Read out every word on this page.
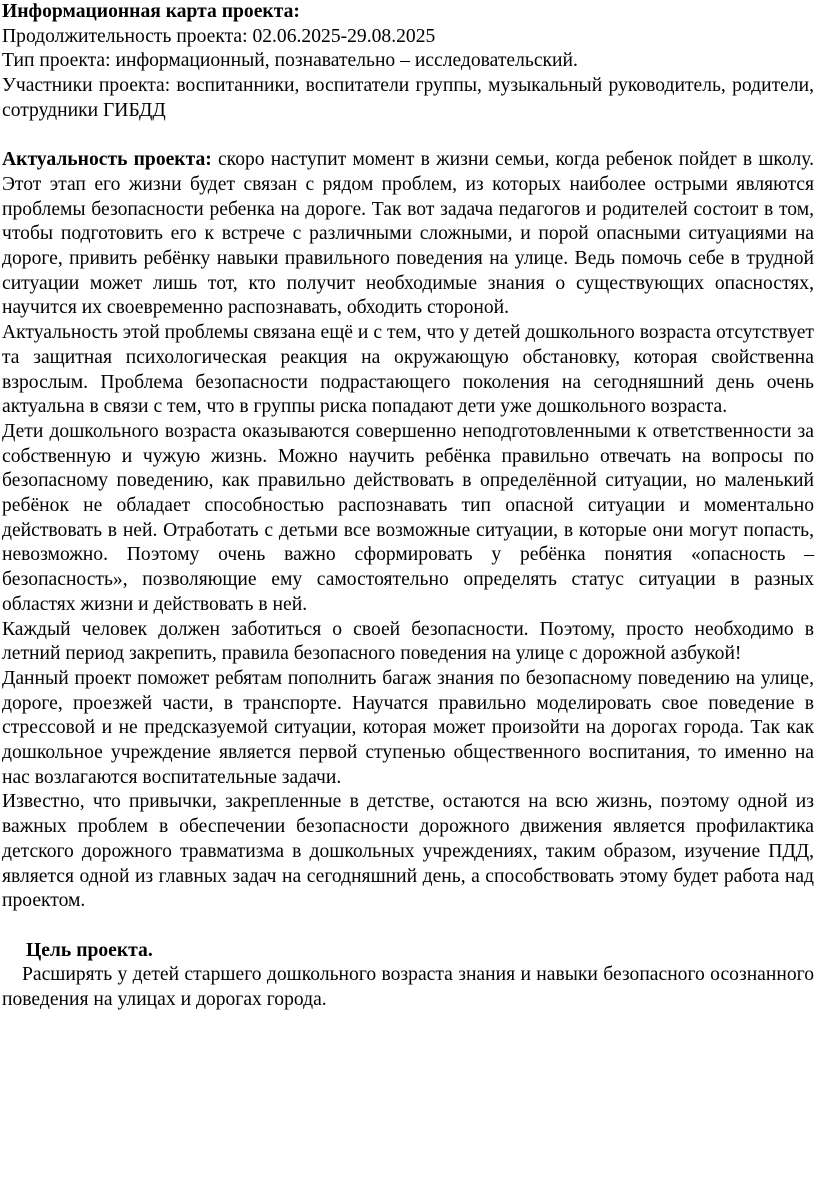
Информационная карта проекта:

Продолжительность проекта: 02.06.2025-29.08.2025

Тип проекта: информационный, познавательно – исследовательский.

Участники проекта: воспитанники, воспитатели группы, музыкальный руководитель, родители, сотрудники ГИБДД

Актуальность проекта: скоро наступит момент в жизни семьи, когда ребенок пойдет в школу. Этот этап его жизни будет связан с рядом проблем, из которых наиболее острыми являются проблемы безопасности ребенка на дороге. Так вот задача педагогов и родителей состоит в том, чтобы подготовить его к встрече с различными сложными, и порой опасными ситуациями на дороге, привить ребёнку навыки правильного поведения на улице. Ведь помочь себе в трудной ситуации может лишь тот, кто получит необходимые знания о существующих опасностях, научится их своевременно распознавать, обходить стороной.

Актуальность этой проблемы связана ещё и с тем, что у детей дошкольного возраста отсутствует та защитная психологическая реакция на окружающую обстановку, которая свойственна взрослым. Проблема безопасности подрастающего поколения на сегодняшний день очень актуальна в связи с тем, что в группы риска попадают дети уже дошкольного возраста.

Дети дошкольного возраста оказываются совершенно неподготовленными к ответственности за собственную и чужую жизнь. Можно научить ребёнка правильно отвечать на вопросы по безопасному поведению, как правильно действовать в определённой ситуации, но маленький ребёнок не обладает способностью распознавать тип опасной ситуации и моментально действовать в ней. Отработать с детьми все возможные ситуации, в которые они могут попасть, невозможно. Поэтому очень важно сформировать у ребёнка понятия «опасность – безопасность», позволяющие ему самостоятельно определять статус ситуации в разных областях жизни и действовать в ней.

Каждый человек должен заботиться о своей безопасности. Поэтому, просто необходимо в летний период закрепить, правила безопасного поведения на улице с дорожной азбукой!

Данный проект поможет ребятам пополнить багаж знания по безопасному поведению на улице, дороге, проезжей части, в транспорте. Научатся правильно моделировать свое поведение в стрессовой и не предсказуемой ситуации, которая может произойти на дорогах города. Так как дошкольное учреждение является первой ступенью общественного воспитания, то именно на нас возлагаются воспитательные задачи.

Известно, что привычки, закрепленные в детстве, остаются на всю жизнь, поэтому одной из важных проблем в обеспечении безопасности дорожного движения является профилактика детского дорожного травматизма в дошкольных учреждениях, таким образом, изучение ПДД, является одной из главных задач на сегодняшний день, а способствовать этому будет работа над проектом.

Цель проекта.

Расширять у детей старшего дошкольного возраста знания и навыки безопасного осознанного поведения на улицах и дорогах города.
